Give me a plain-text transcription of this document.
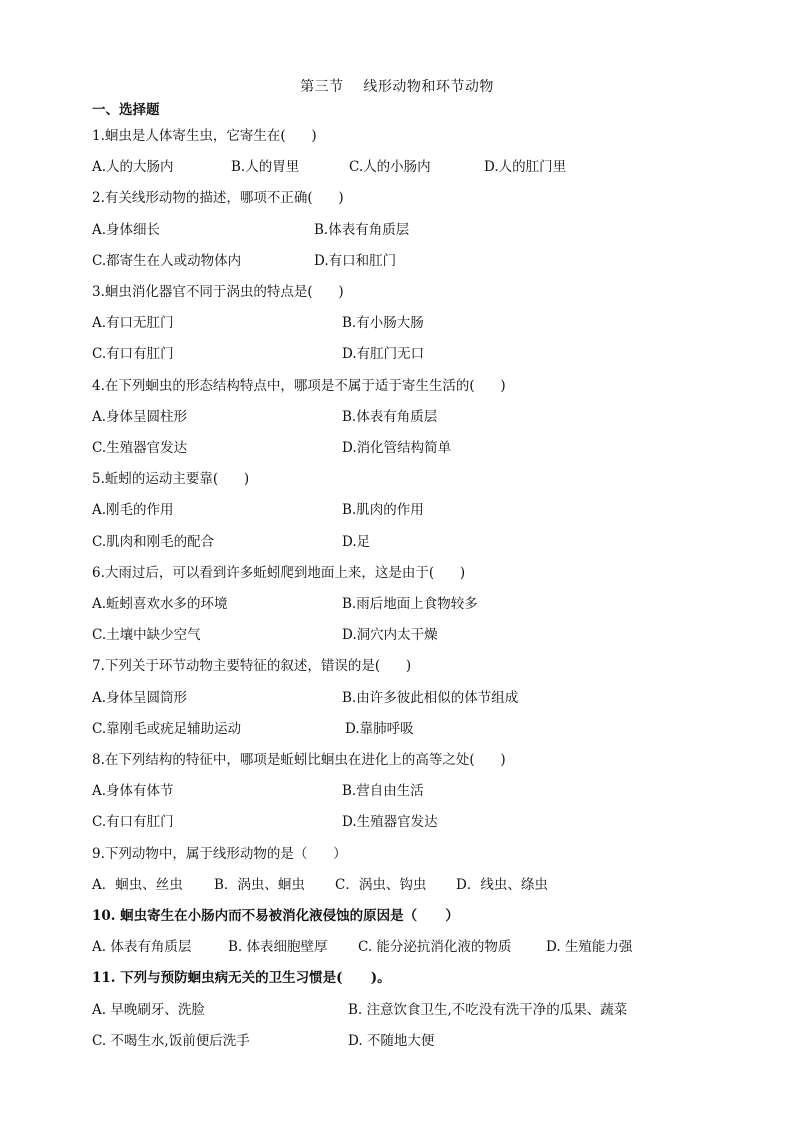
第三节    线形动物和环节动物
一、选择题
1.蛔虫是人体寄生虫，它寄生在(      )
A.人的大肠内	B.人的胃里	C.人的小肠内	D.人的肛门里
2.有关线形动物的描述，哪项不正确(      )
A.身体细长	B.体表有角质层
C.都寄生在人或动物体内	D.有口和肛门
3.蛔虫消化器官不同于涡虫的特点是(      )
A.有口无肛门	B.有小肠大肠
C.有口有肛门	D.有肛门无口
4.在下列蛔虫的形态结构特点中，哪项是不属于适于寄生生活的(      )
A.身体呈圆柱形	B.体表有角质层
C.生殖器官发达	D.消化管结构简单
5.蚯蚓的运动主要靠(      )
A.刚毛的作用	B.肌肉的作用
C.肌肉和刚毛的配合	D.足
6.大雨过后，可以看到许多蚯蚓爬到地面上来，这是由于(      )
A.蚯蚓喜欢水多的环境	B.雨后地面上食物较多
C.土壤中缺少空气	D.洞穴内太干燥
7.下列关于环节动物主要特征的叙述，错误的是(      )
A.身体呈圆筒形	B.由许多彼此相似的体节组成
C.靠刚毛或疣足辅助运动	D.靠肺呼吸
8.在下列结构的特征中，哪项是蚯蚓比蛔虫在进化上的高等之处(      )
A.身体有体节	B.营自由生活
C.有口有肛门	D.生殖器官发达
9.下列动物中，属于线形动物的是（      ）
A．蛔虫、丝虫 B．涡虫、蛔虫 C．涡虫、钩虫 D．线虫、绦虫
10. 蛔虫寄生在小肠内而不易被消化液侵蚀的原因是（      ）
A. 体表有角质层	B. 体表细胞壁厚 C. 能分泌抗消化液的物质	D. 生殖能力强
11. 下列与预防蛔虫病无关的卫生习惯是(      )。
A. 早晚刷牙、洗脸	B. 注意饮食卫生,不吃没有洗干净的瓜果、蔬菜
C. 不喝生水,饭前便后洗手	D. 不随地大便
